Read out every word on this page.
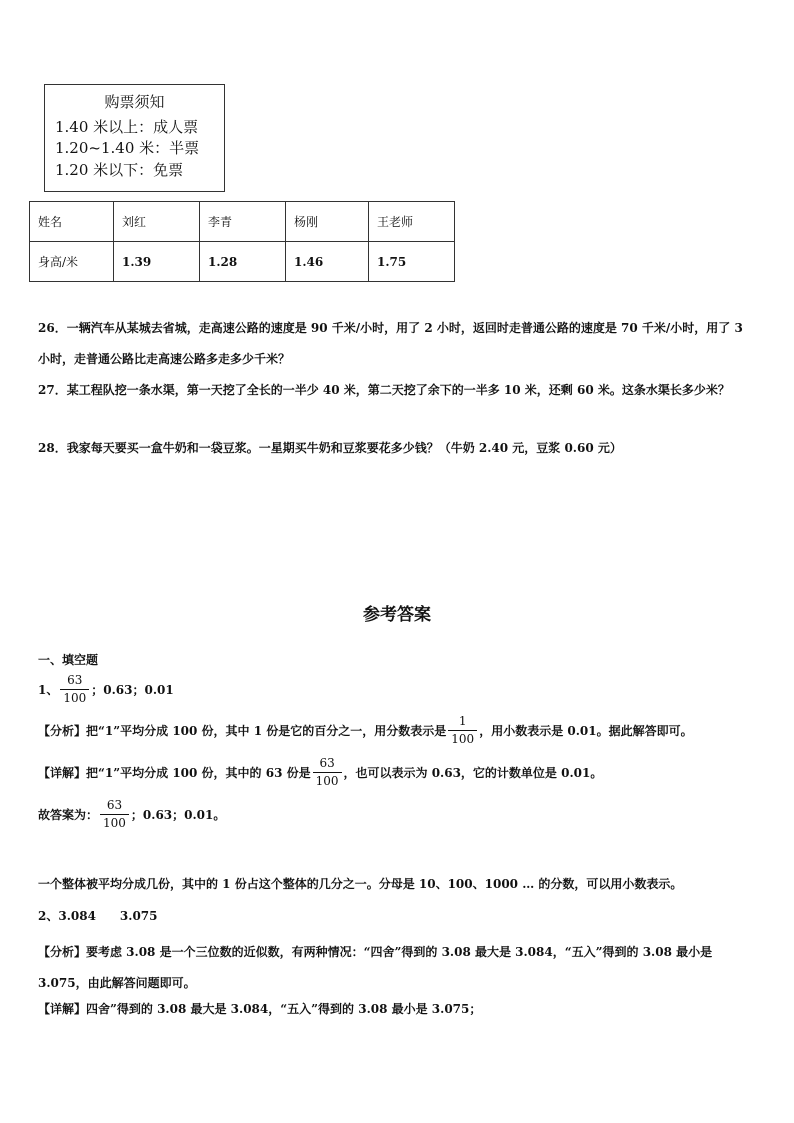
购票须知
1.40 米以上：成人票
1.20~1.40 米：半票
1.20 米以下：免票
姓名	刘红	李青	杨刚	王老师
身高/米	1.39	1.28	1.46	1.75
26．一辆汽车从某城去省城，走高速公路的速度是 90 千米/小时，用了 2 小时，返回时走普通公路的速度是 70 千米/小时，用了 3 小时，走普通公路比走高速公路多走多少千米？
27．某工程队挖一条水渠，第一天挖了全长的一半少 40 米，第二天挖了余下的一半多 10 米，还剩 60 米。这条水渠长多少米？
28．我家每天要买一盒牛奶和一袋豆浆。一星期买牛奶和豆浆要花多少钱？（牛奶 2.40 元，豆浆 0.60 元）
参考答案
一、填空题
1、 $\frac{63}{100}$ ；0.63；0.01
【分析】把“1”平均分成 100 份，其中 1 份是它的百分之一，用分数表示是 $\frac{1}{100}$ ，用小数表示是 0.01。据此解答即可。
【详解】把“1”平均分成 100 份，其中的 63 份是 $\frac{63}{100}$ ，也可以表示为 0.63，它的计数单位是 0.01。
故答案为： $\frac{63}{100}$ ；0.63；0.01。
一个整体被平均分成几份，其中的 1 份占这个整体的几分之一。分母是 10、100、1000 … 的分数，可以用小数表示。
2、3.084　　3.075
【分析】要考虑 3.08 是一个三位数的近似数，有两种情况：“四舍”得到的 3.08 最大是 3.084，“五入”得到的 3.08 最小是 3.075，由此解答问题即可。
【详解】四舍”得到的 3.08 最大是 3.084，“五入”得到的 3.08 最小是 3.075；
